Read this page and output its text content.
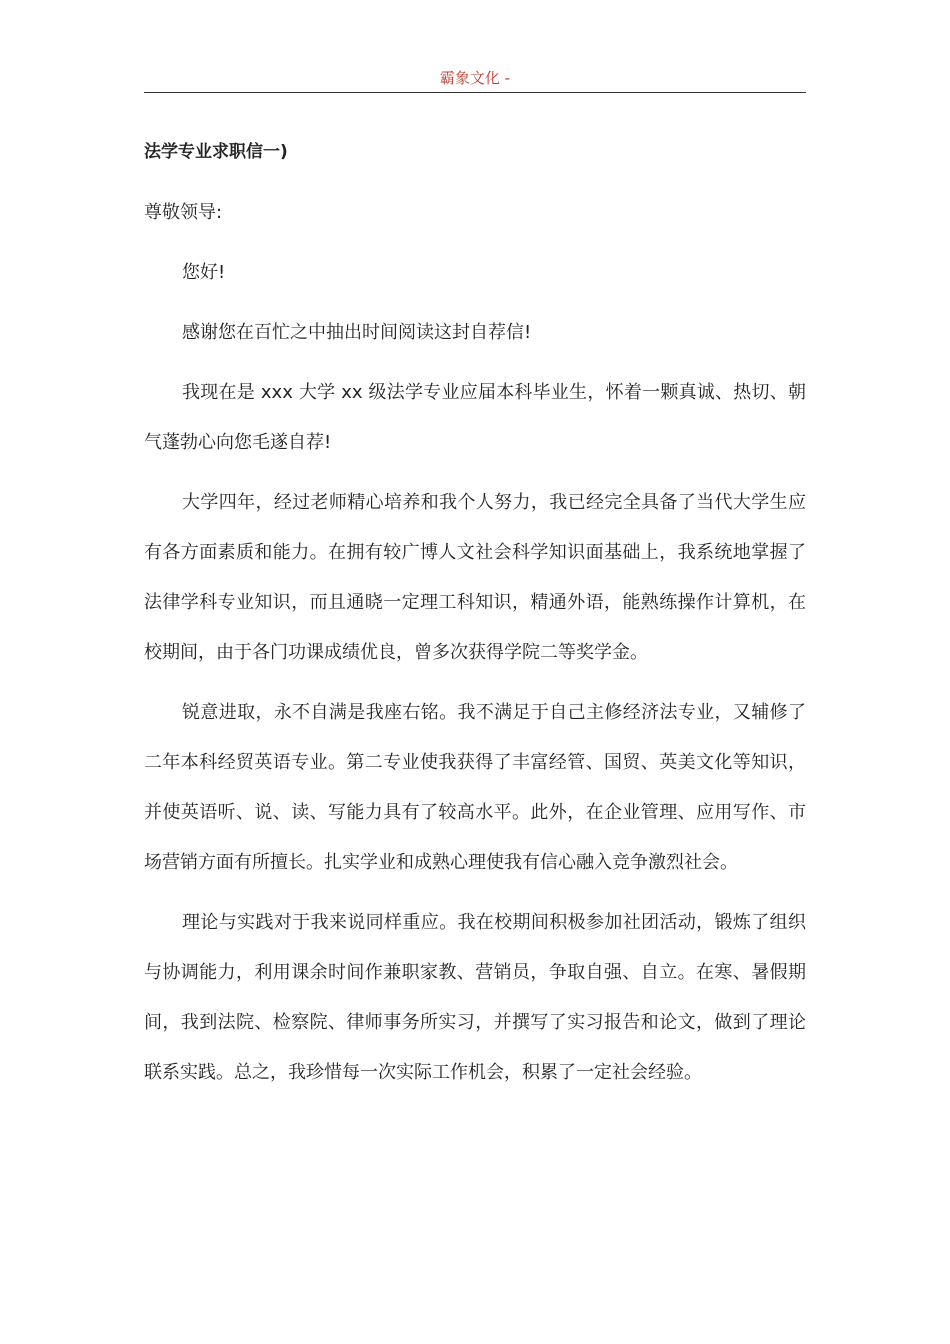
霸象文化 -
法学专业求职信一)

尊敬领导:

您好!

感谢您在百忙之中抽出时间阅读这封自荐信!

我现在是 xxx 大学 xx 级法学专业应届本科毕业生，怀着一颗真诚、热切、朝气蓬勃心向您毛遂自荐!

大学四年，经过老师精心培养和我个人努力，我已经完全具备了当代大学生应有各方面素质和能力。在拥有较广博人文社会科学知识面基础上，我系统地掌握了法律学科专业知识，而且通晓一定理工科知识，精通外语，能熟练操作计算机，在校期间，由于各门功课成绩优良，曾多次获得学院二等奖学金。

锐意进取，永不自满是我座右铭。我不满足于自己主修经济法专业，又辅修了二年本科经贸英语专业。第二专业使我获得了丰富经管、国贸、英美文化等知识，并使英语听、说、读、写能力具有了较高水平。此外，在企业管理、应用写作、市场营销方面有所擅长。扎实学业和成熟心理使我有信心融入竞争激烈社会。

理论与实践对于我来说同样重应。我在校期间积极参加社团活动，锻炼了组织与协调能力，利用课余时间作兼职家教、营销员，争取自强、自立。在寒、暑假期间，我到法院、检察院、律师事务所实习，并撰写了实习报告和论文，做到了理论联系实践。总之，我珍惜每一次实际工作机会，积累了一定社会经验。
